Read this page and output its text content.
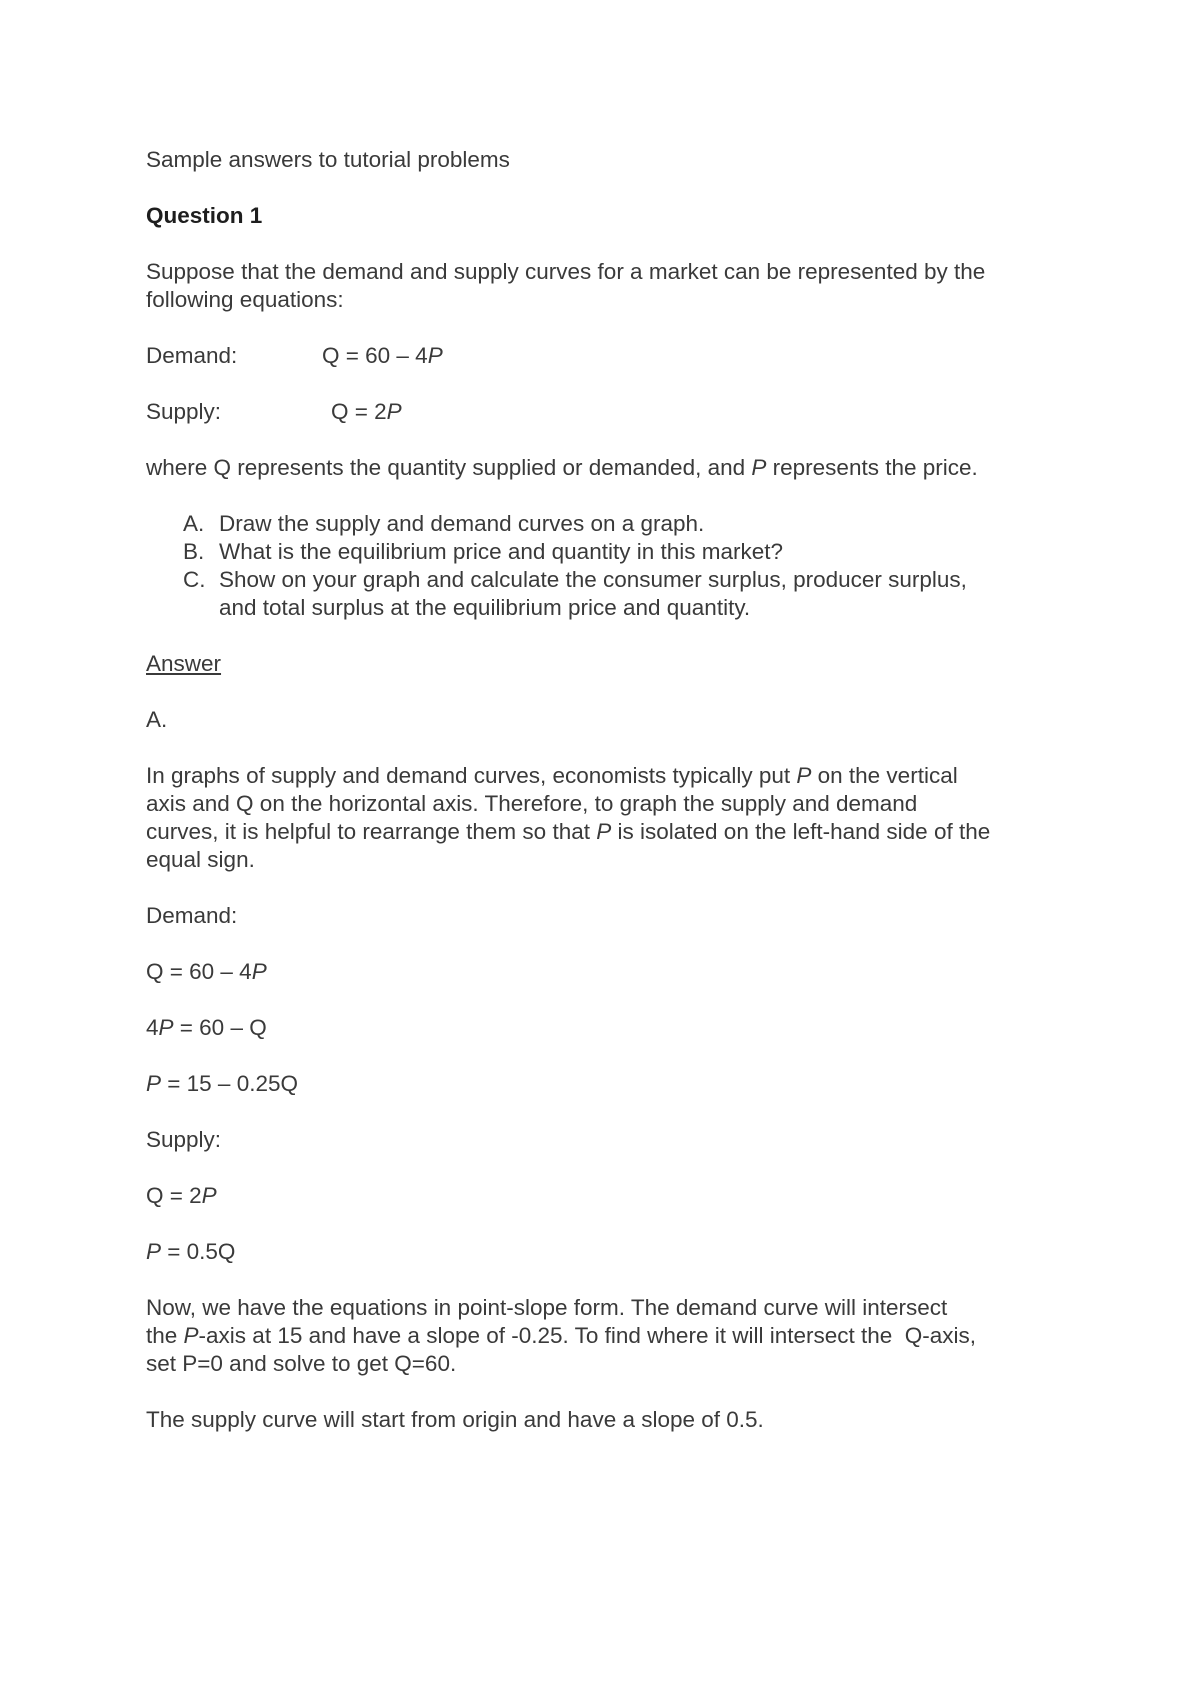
Sample answers to tutorial problems

Question 1

Suppose that the demand and supply curves for a market can be represented by the

following equations:

Demand:	Q = 60 – 4P

Supply:	Q = 2P

where Q represents the quantity supplied or demanded, and P represents the price.

A. Draw the supply and demand curves on a graph.
B. What is the equilibrium price and quantity in this market?
C. Show on your graph and calculate the consumer surplus, producer surplus,
and total surplus at the equilibrium price and quantity.

Answer

A.

In graphs of supply and demand curves, economists typically put P on the vertical

axis and Q on the horizontal axis. Therefore, to graph the supply and demand

curves, it is helpful to rearrange them so that P is isolated on the left-hand side of the

equal sign.

Demand:

Q = 60 – 4P

4P = 60 – Q

P = 15 – 0.25Q

Supply:

Q = 2P

P = 0.5Q

Now, we have the equations in point-slope form. The demand curve will intersect

the P-axis at 15 and have a slope of -0.25. To find where it will intersect the  Q-axis,

set P=0 and solve to get Q=60.

The supply curve will start from origin and have a slope of 0.5.
